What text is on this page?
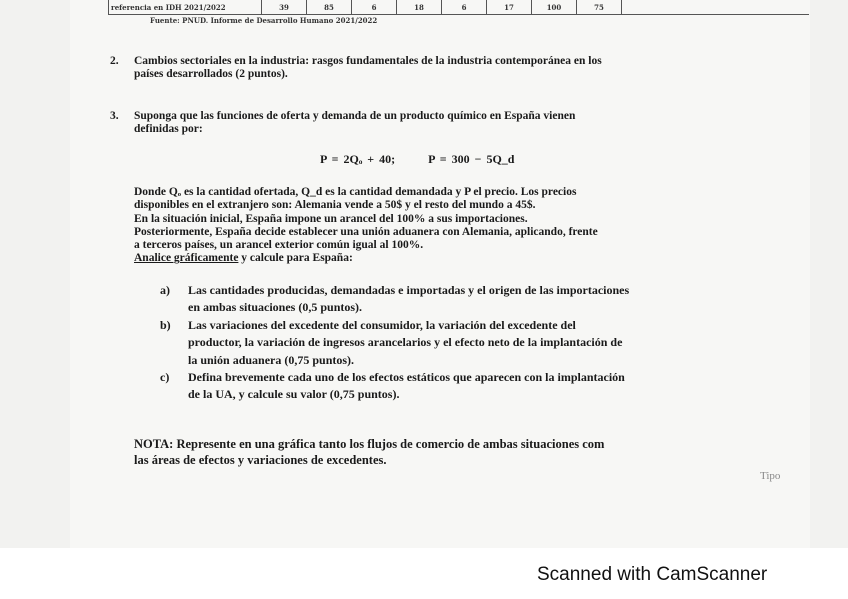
referencia en IDH 2021/2022	39	85	6	18	6	17	100	75
Fuente: PNUD. Informe de Desarrollo Humano 2021/2022
2. Cambios sectoriales en la industria: rasgos fundamentales de la industria contemporánea en los
países desarrollados (2 puntos).
3. Suponga que las funciones de oferta y demanda de un producto químico en España vienen
definidas por:
P = 2Qₒ + 40;	P = 300 − 5Q_d

Donde Qₒ es la cantidad ofertada, Q_d es la cantidad demandada y P el precio. Los precios

disponibles en el extranjero son: Alemania vende a 50$ y el resto del mundo a 45$.

En la situación inicial, España impone un arancel del 100% a sus importaciones.

Posteriormente, España decide establecer una unión aduanera con Alemania, aplicando, frente

a terceros países, un arancel exterior común igual al 100%.

Analice gráficamente y calcule para España:

a) Las cantidades producidas, demandadas e importadas y el origen de las importaciones
en ambas situaciones (0,5 puntos).
b) Las variaciones del excedente del consumidor, la variación del excedente del
productor, la variación de ingresos arancelarios y el efecto neto de la implantación de
la unión aduanera (0,75 puntos).
c) Defina brevemente cada uno de los efectos estáticos que aparecen con la implantación
de la UA, y calcule su valor (0,75 puntos).
NOTA: Represente en una gráfica tanto los flujos de comercio de ambas situaciones com
las áreas de efectos y variaciones de excedentes.
Tipo
Scanned with CamScanner
